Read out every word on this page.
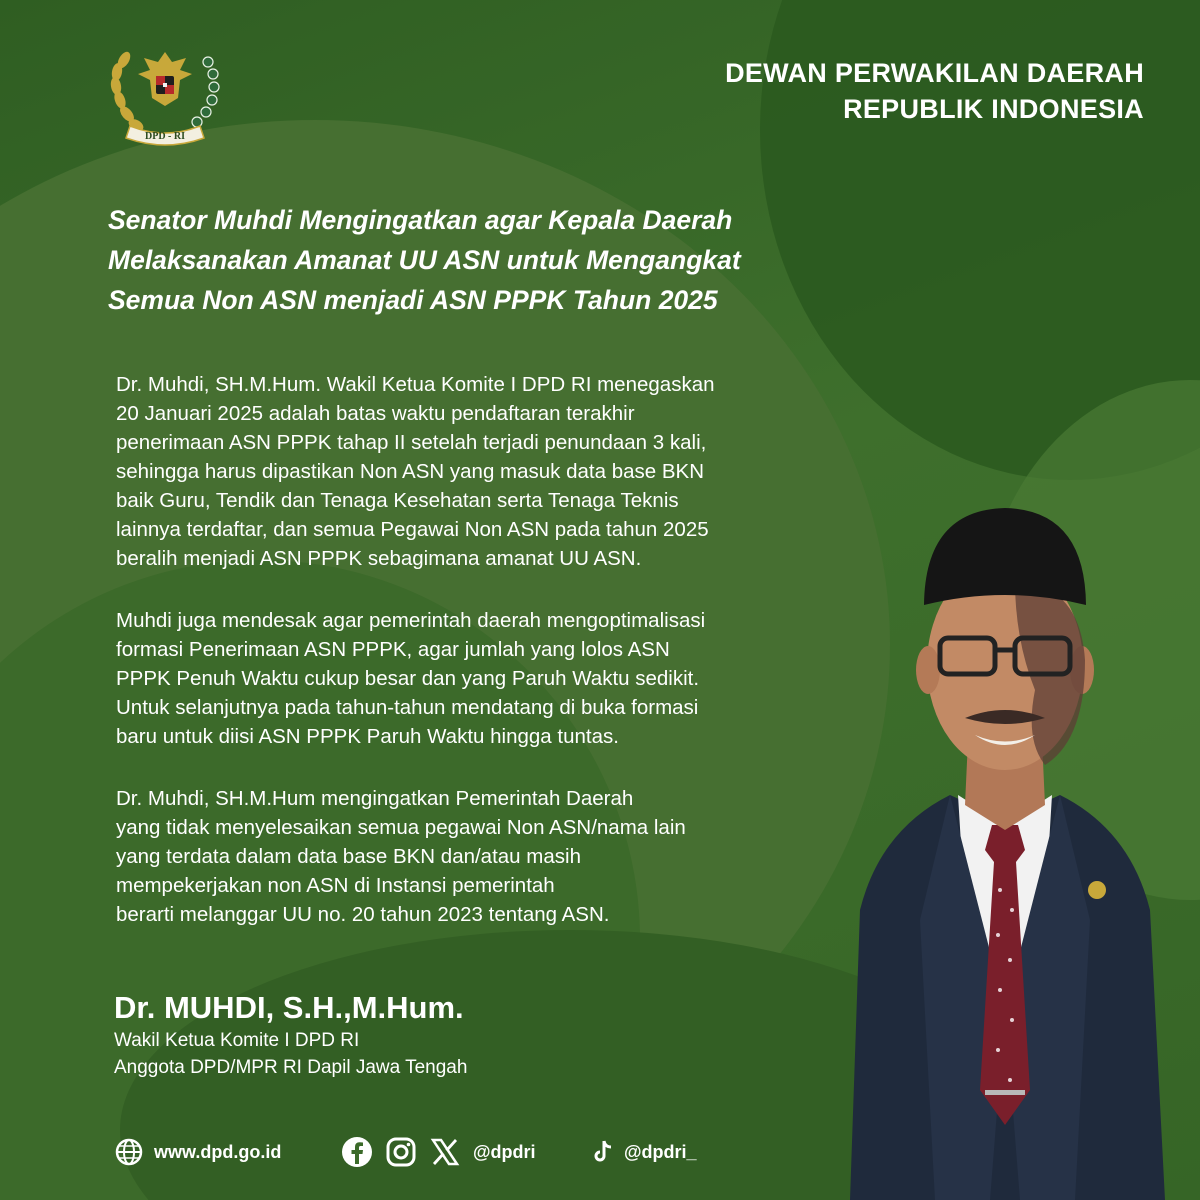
DPD - RI
DEWAN PERWAKILAN DAERAH
REPUBLIK INDONESIA
Senator Muhdi Mengingatkan agar Kepala Daerah
Melaksanakan Amanat UU ASN untuk Mengangkat
Semua Non ASN menjadi ASN PPPK Tahun 2025

Dr. Muhdi, SH.M.Hum. Wakil Ketua Komite I DPD RI menegaskan
20 Januari 2025 adalah batas waktu pendaftaran terakhir
penerimaan ASN PPPK tahap II setelah terjadi penundaan 3 kali,
sehingga harus dipastikan Non ASN yang masuk data base BKN
baik Guru, Tendik dan Tenaga Kesehatan serta Tenaga Teknis
lainnya terdaftar, dan semua Pegawai Non ASN pada tahun 2025
beralih menjadi ASN PPPK sebagimana amanat UU ASN.

Muhdi juga mendesak agar pemerintah daerah mengoptimalisasi
formasi Penerimaan ASN PPPK, agar jumlah yang lolos ASN
PPPK Penuh Waktu cukup besar dan yang Paruh Waktu sedikit.
Untuk selanjutnya pada tahun-tahun mendatang di buka formasi
baru untuk diisi ASN PPPK Paruh Waktu hingga tuntas.

Dr. Muhdi, SH.M.Hum mengingatkan Pemerintah Daerah
yang tidak menyelesaikan semua pegawai Non ASN/nama lain
yang terdata dalam data base BKN dan/atau masih
mempekerjakan non ASN di Instansi pemerintah
berarti melanggar UU no. 20 tahun 2023 tentang ASN.

Dr. MUHDI, S.H.,M.Hum.
Wakil Ketua Komite I DPD RI
Anggota DPD/MPR RI Dapil Jawa Tengah
www.dpd.go.id	@dpdri	@dpdri_
